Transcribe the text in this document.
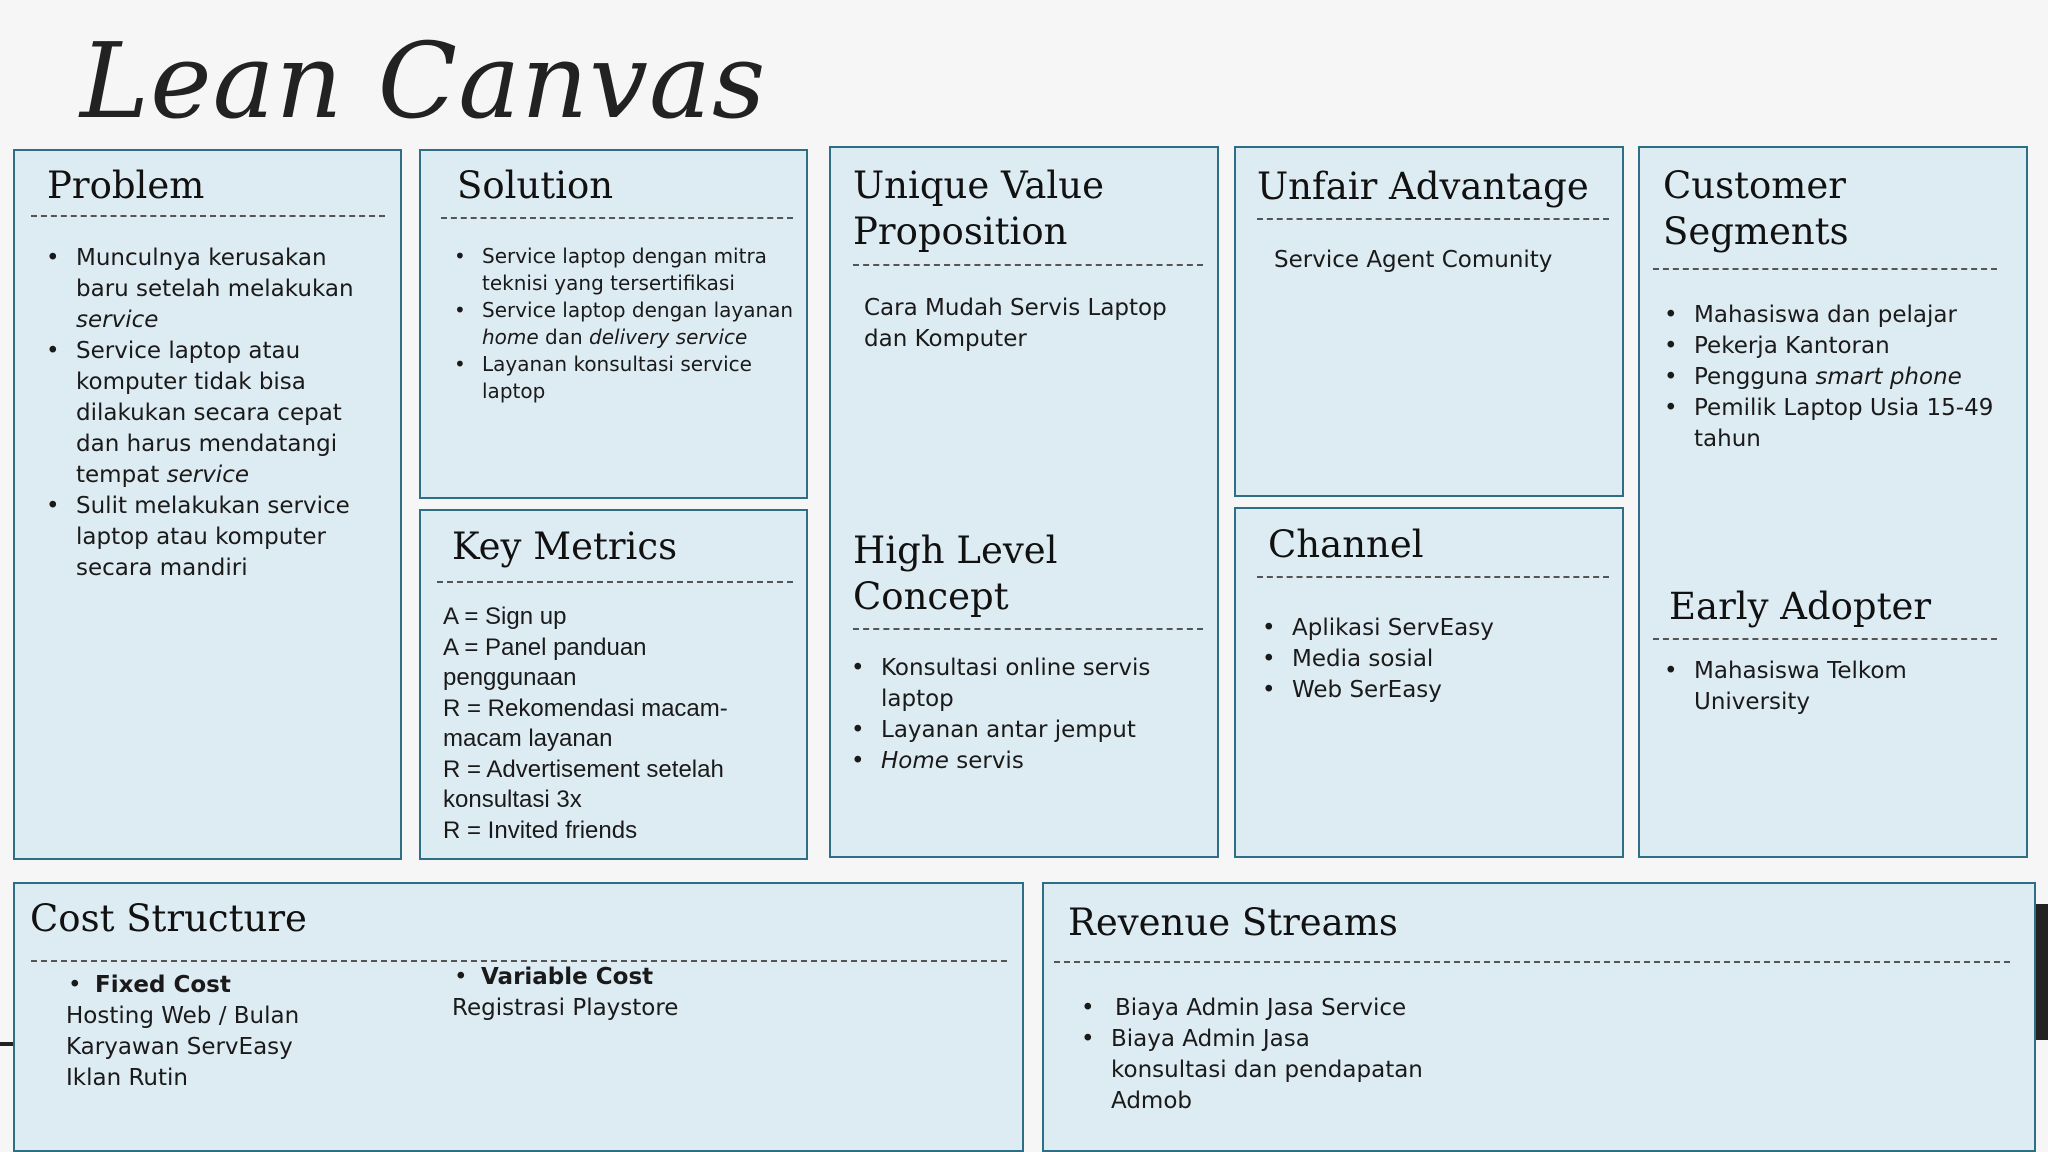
Lean Canvas
Problem
• Munculnya kerusakan baru setelah melakukan service
• Service laptop atau komputer tidak bisa dilakukan secara cepat dan harus mendatangi tempat service
• Sulit melakukan service laptop atau komputer secara mandiri
Solution
• Service laptop dengan mitra teknisi yang tersertifikasi
• Service laptop dengan layanan home dan delivery service
• Layanan konsultasi service laptop
Key Metrics
A = Sign up
A = Panel panduan
penggunaan
R = Rekomendasi macam-
macam layanan
R = Advertisement setelah
konsultasi 3x
R = Invited friends
Unique Value
Proposition
Cara Mudah Servis Laptop dan Komputer
High Level
Concept
• Konsultasi online servis laptop
• Layanan antar jemput
• Home servis
Unfair Advantage
Service Agent Comunity
Channel
• Aplikasi ServEasy
• Media sosial
• Web SerEasy
Customer
Segments
• Mahasiswa dan pelajar
• Pekerja Kantoran
• Pengguna smart phone
• Pemilik Laptop Usia 15-49 tahun
Early Adopter
• Mahasiswa Telkom University
Cost Structure
• Fixed Cost
Hosting Web / Bulan
Karyawan ServEasy
Iklan Rutin
• Variable Cost
Registrasi Playstore
Revenue Streams
• Biaya Admin Jasa Service
• Biaya Admin Jasa konsultasi dan pendapatan Admob
